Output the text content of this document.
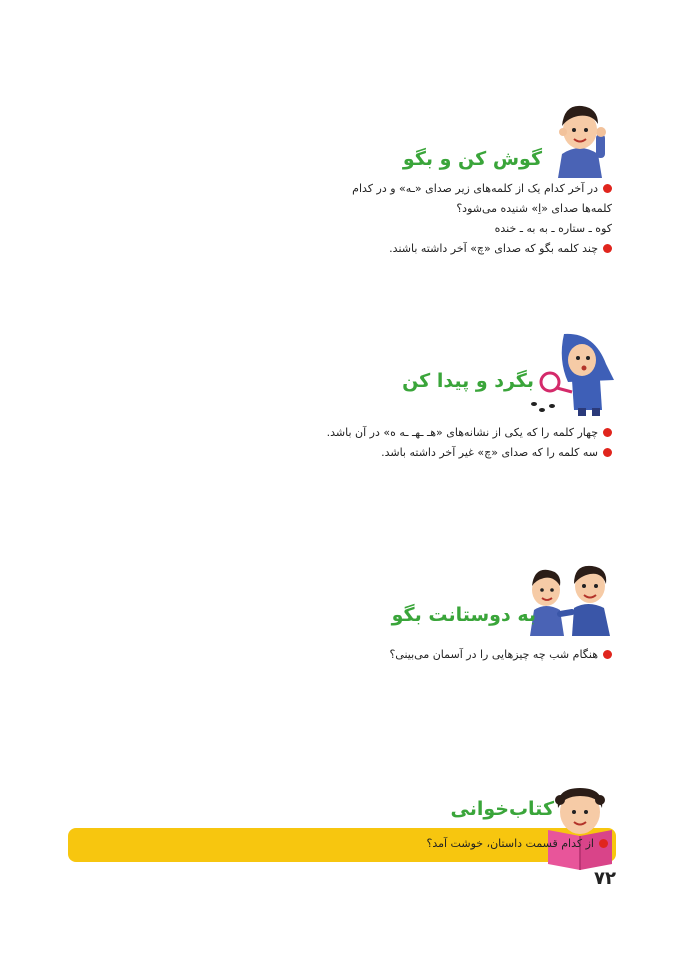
گوش کن و بگو
در آخر کدام یک از کلمه‌های زیر صدای «ـه» و در کدام
کلمه‌ها صدای «اِ» شنیده می‌شود؟
کوه ـ ستاره ـ به به ـ خنده
چند کلمه بگو که صدای «چ» آخر داشته باشند.
بگرد و پیدا کن
چهار کلمه را که یکی از نشانه‌های «هـ ـهـ ـه ه» در آن باشد.
سه کلمه را که صدای «چ» غیر آخر داشته باشد.
به دوستانت بگو
هنگام شب چه چیزهایی را در آسمان می‌بینی؟
کتاب‌خوانی
از کدام قسمت داستان، خوشت آمد؟
۷۲
